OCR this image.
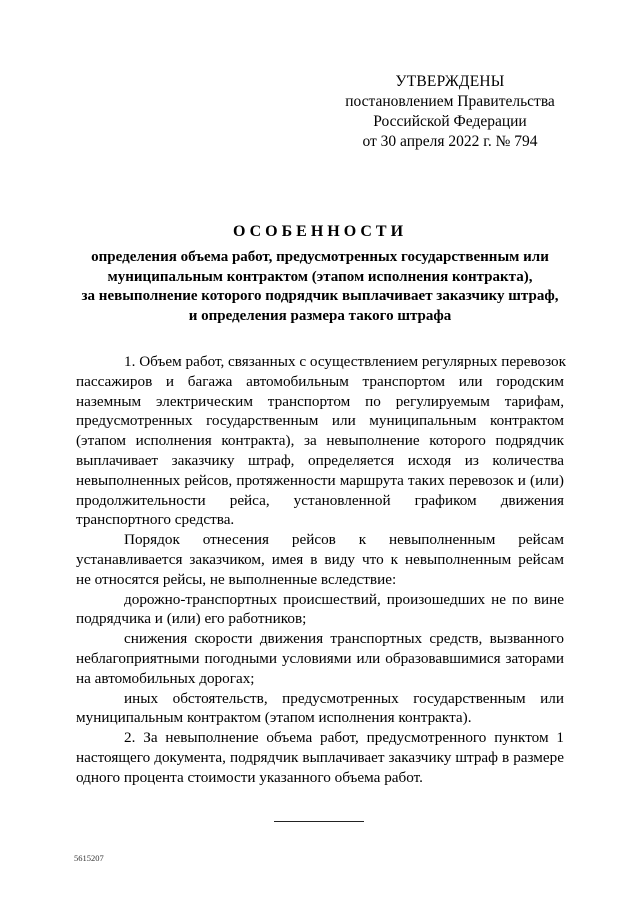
УТВЕРЖДЕНЫ
постановлением Правительства
Российской Федерации
от 30 апреля 2022 г. № 794
ОСОБЕННОСТИ
определения объема работ, предусмотренных государственным или
муниципальным контрактом (этапом исполнения контракта),
за невыполнение которого подрядчик выплачивает заказчику штраф,
и определения размера такого штрафа
1. Объем работ, связанных с осуществлением регулярных перевозок
пассажиров и багажа автомобильным транспортом или городским
наземным электрическим транспортом по регулируемым тарифам,
предусмотренных государственным или муниципальным контрактом
(этапом исполнения контракта), за невыполнение которого подрядчик
выплачивает заказчику штраф, определяется исходя из количества
невыполненных рейсов, протяженности маршрута таких перевозок и (или)
продолжительности рейса, установленной графиком движения
транспортного средства.
Порядок отнесения рейсов к невыполненным рейсам
устанавливается заказчиком, имея в виду что к невыполненным рейсам
не относятся рейсы, не выполненные вследствие:
дорожно-транспортных происшествий, произошедших не по вине
подрядчика и (или) его работников;
снижения скорости движения транспортных средств, вызванного
неблагоприятными погодными условиями или образовавшимися заторами
на автомобильных дорогах;
иных обстоятельств, предусмотренных государственным или
муниципальным контрактом (этапом исполнения контракта).
2. За невыполнение объема работ, предусмотренного пунктом 1
настоящего документа, подрядчик выплачивает заказчику штраф в размере
одного процента стоимости указанного объема работ.
5615207
